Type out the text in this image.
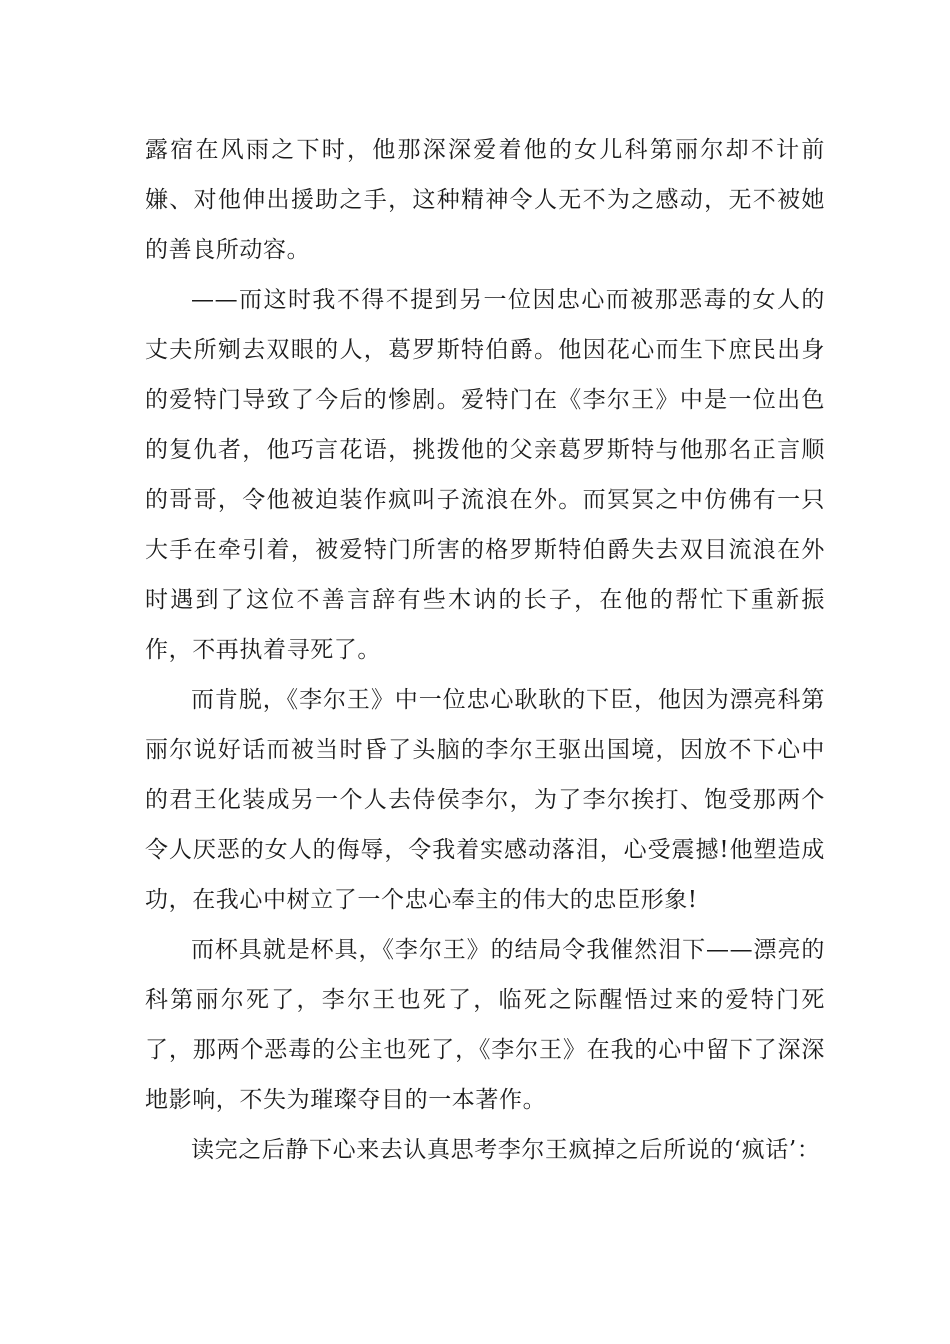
露宿在风雨之下时，他那深深爱着他的女儿科第丽尔却不计前嫌、对他伸出援助之手，这种精神令人无不为之感动，无不被她的善良所动容。

——而这时我不得不提到另一位因忠心而被那恶毒的女人的丈夫所剜去双眼的人，葛罗斯特伯爵。他因花心而生下庶民出身的爱特门导致了今后的惨剧。爱特门在《李尔王》中是一位出色的复仇者，他巧言花语，挑拨他的父亲葛罗斯特与他那名正言顺的哥哥，令他被迫装作疯叫子流浪在外。而冥冥之中仿佛有一只大手在牵引着，被爱特门所害的格罗斯特伯爵失去双目流浪在外时遇到了这位不善言辞有些木讷的长子，在他的帮忙下重新振作，不再执着寻死了。

而肯脱，《李尔王》中一位忠心耿耿的下臣，他因为漂亮科第丽尔说好话而被当时昏了头脑的李尔王驱出国境，因放不下心中的君王化装成另一个人去侍侯李尔，为了李尔挨打、饱受那两个令人厌恶的女人的侮辱，令我着实感动落泪，心受震撼!他塑造成功，在我心中树立了一个忠心奉主的伟大的忠臣形象!

而杯具就是杯具，《李尔王》的结局令我催然泪下——漂亮的科第丽尔死了，李尔王也死了，临死之际醒悟过来的爱特门死了，那两个恶毒的公主也死了，《李尔王》在我的心中留下了深深地影响，不失为璀璨夺目的一本著作。

读完之后静下心来去认真思考李尔王疯掉之后所说的‘疯话’：
